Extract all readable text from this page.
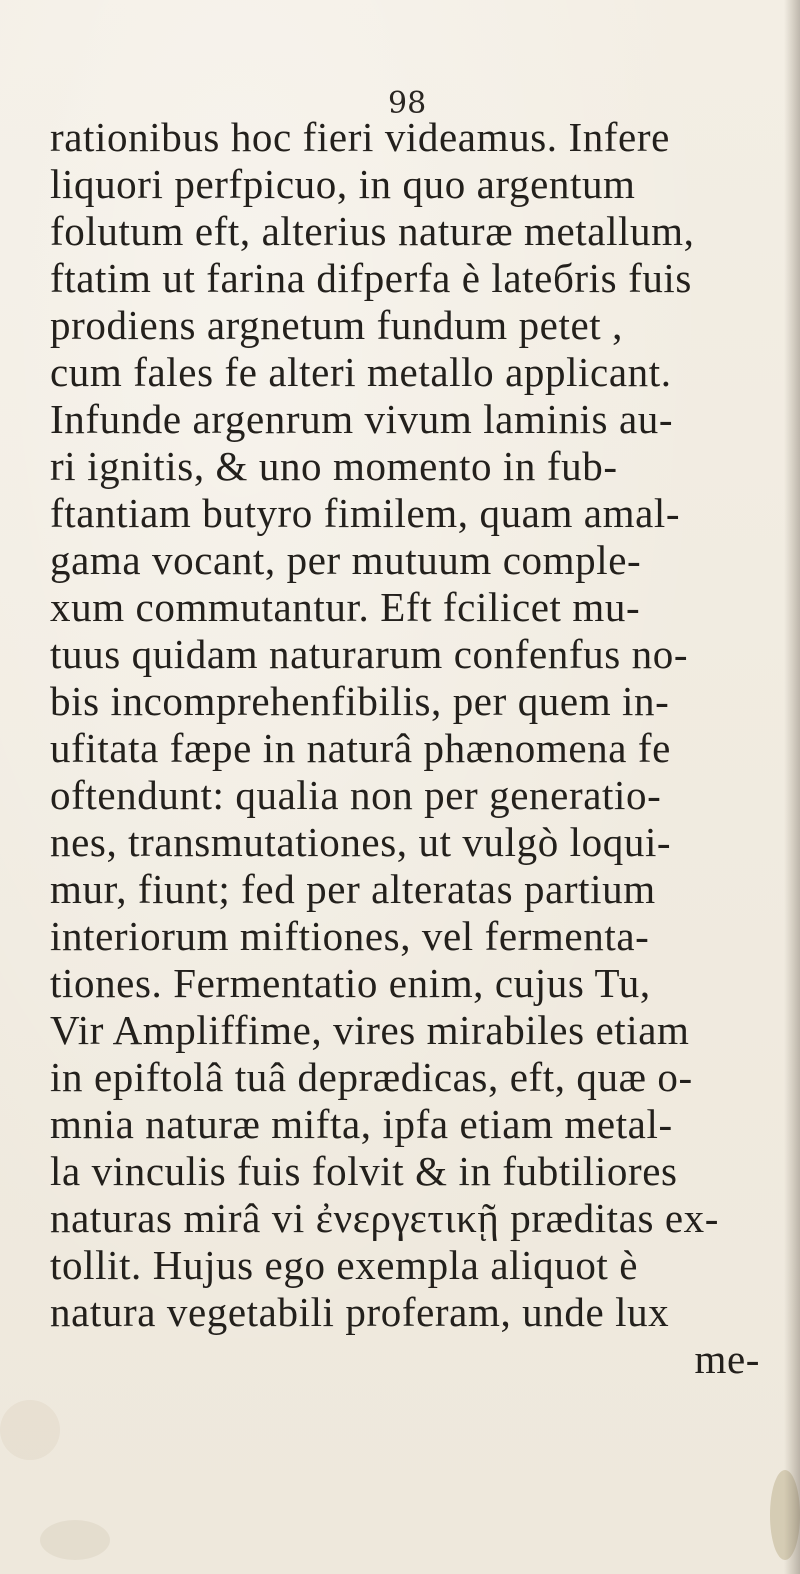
98
rationibus hoc fieri videamus. Infere
liquori perfpicuo, in quo argentum
folutum eft, alterius naturæ metallum,
ftatim ut farina difperfa è lateбris fuis
prodiens argnetum fundum petet ,
cum fales fe alteri metallo applicant.
Infunde argenrum vivum laminis au-
ri ignitis, & uno momento in fub-
ftantiam butyro fimilem, quam amal-
gama vocant, per mutuum comple-
xum commutantur. Eft fcilicet mu-
tuus quidam naturarum confenfus no-
bis incomprehenfibilis, per quem in-
ufitata fæpe in naturâ phænomena fe
oftendunt: qualia non per generatio-
nes, transmutationes, ut vulgò loqui-
mur, fiunt; fed per alteratas partium
interiorum miftiones, vel fermenta-
tiones. Fermentatio enim, cujus Tu,
Vir Ampliffime, vires mirabiles etiam
in epiftolâ tuâ deprædicas, eft, quæ o-
mnia naturæ mifta, ipfa etiam metal-
la vinculis fuis folvit & in fubtiliores
naturas mirâ vi ἐνεργετικῇ præditas ex-
tollit. Hujus ego exempla aliquot è
natura vegetabili proferam, unde lux
me-
